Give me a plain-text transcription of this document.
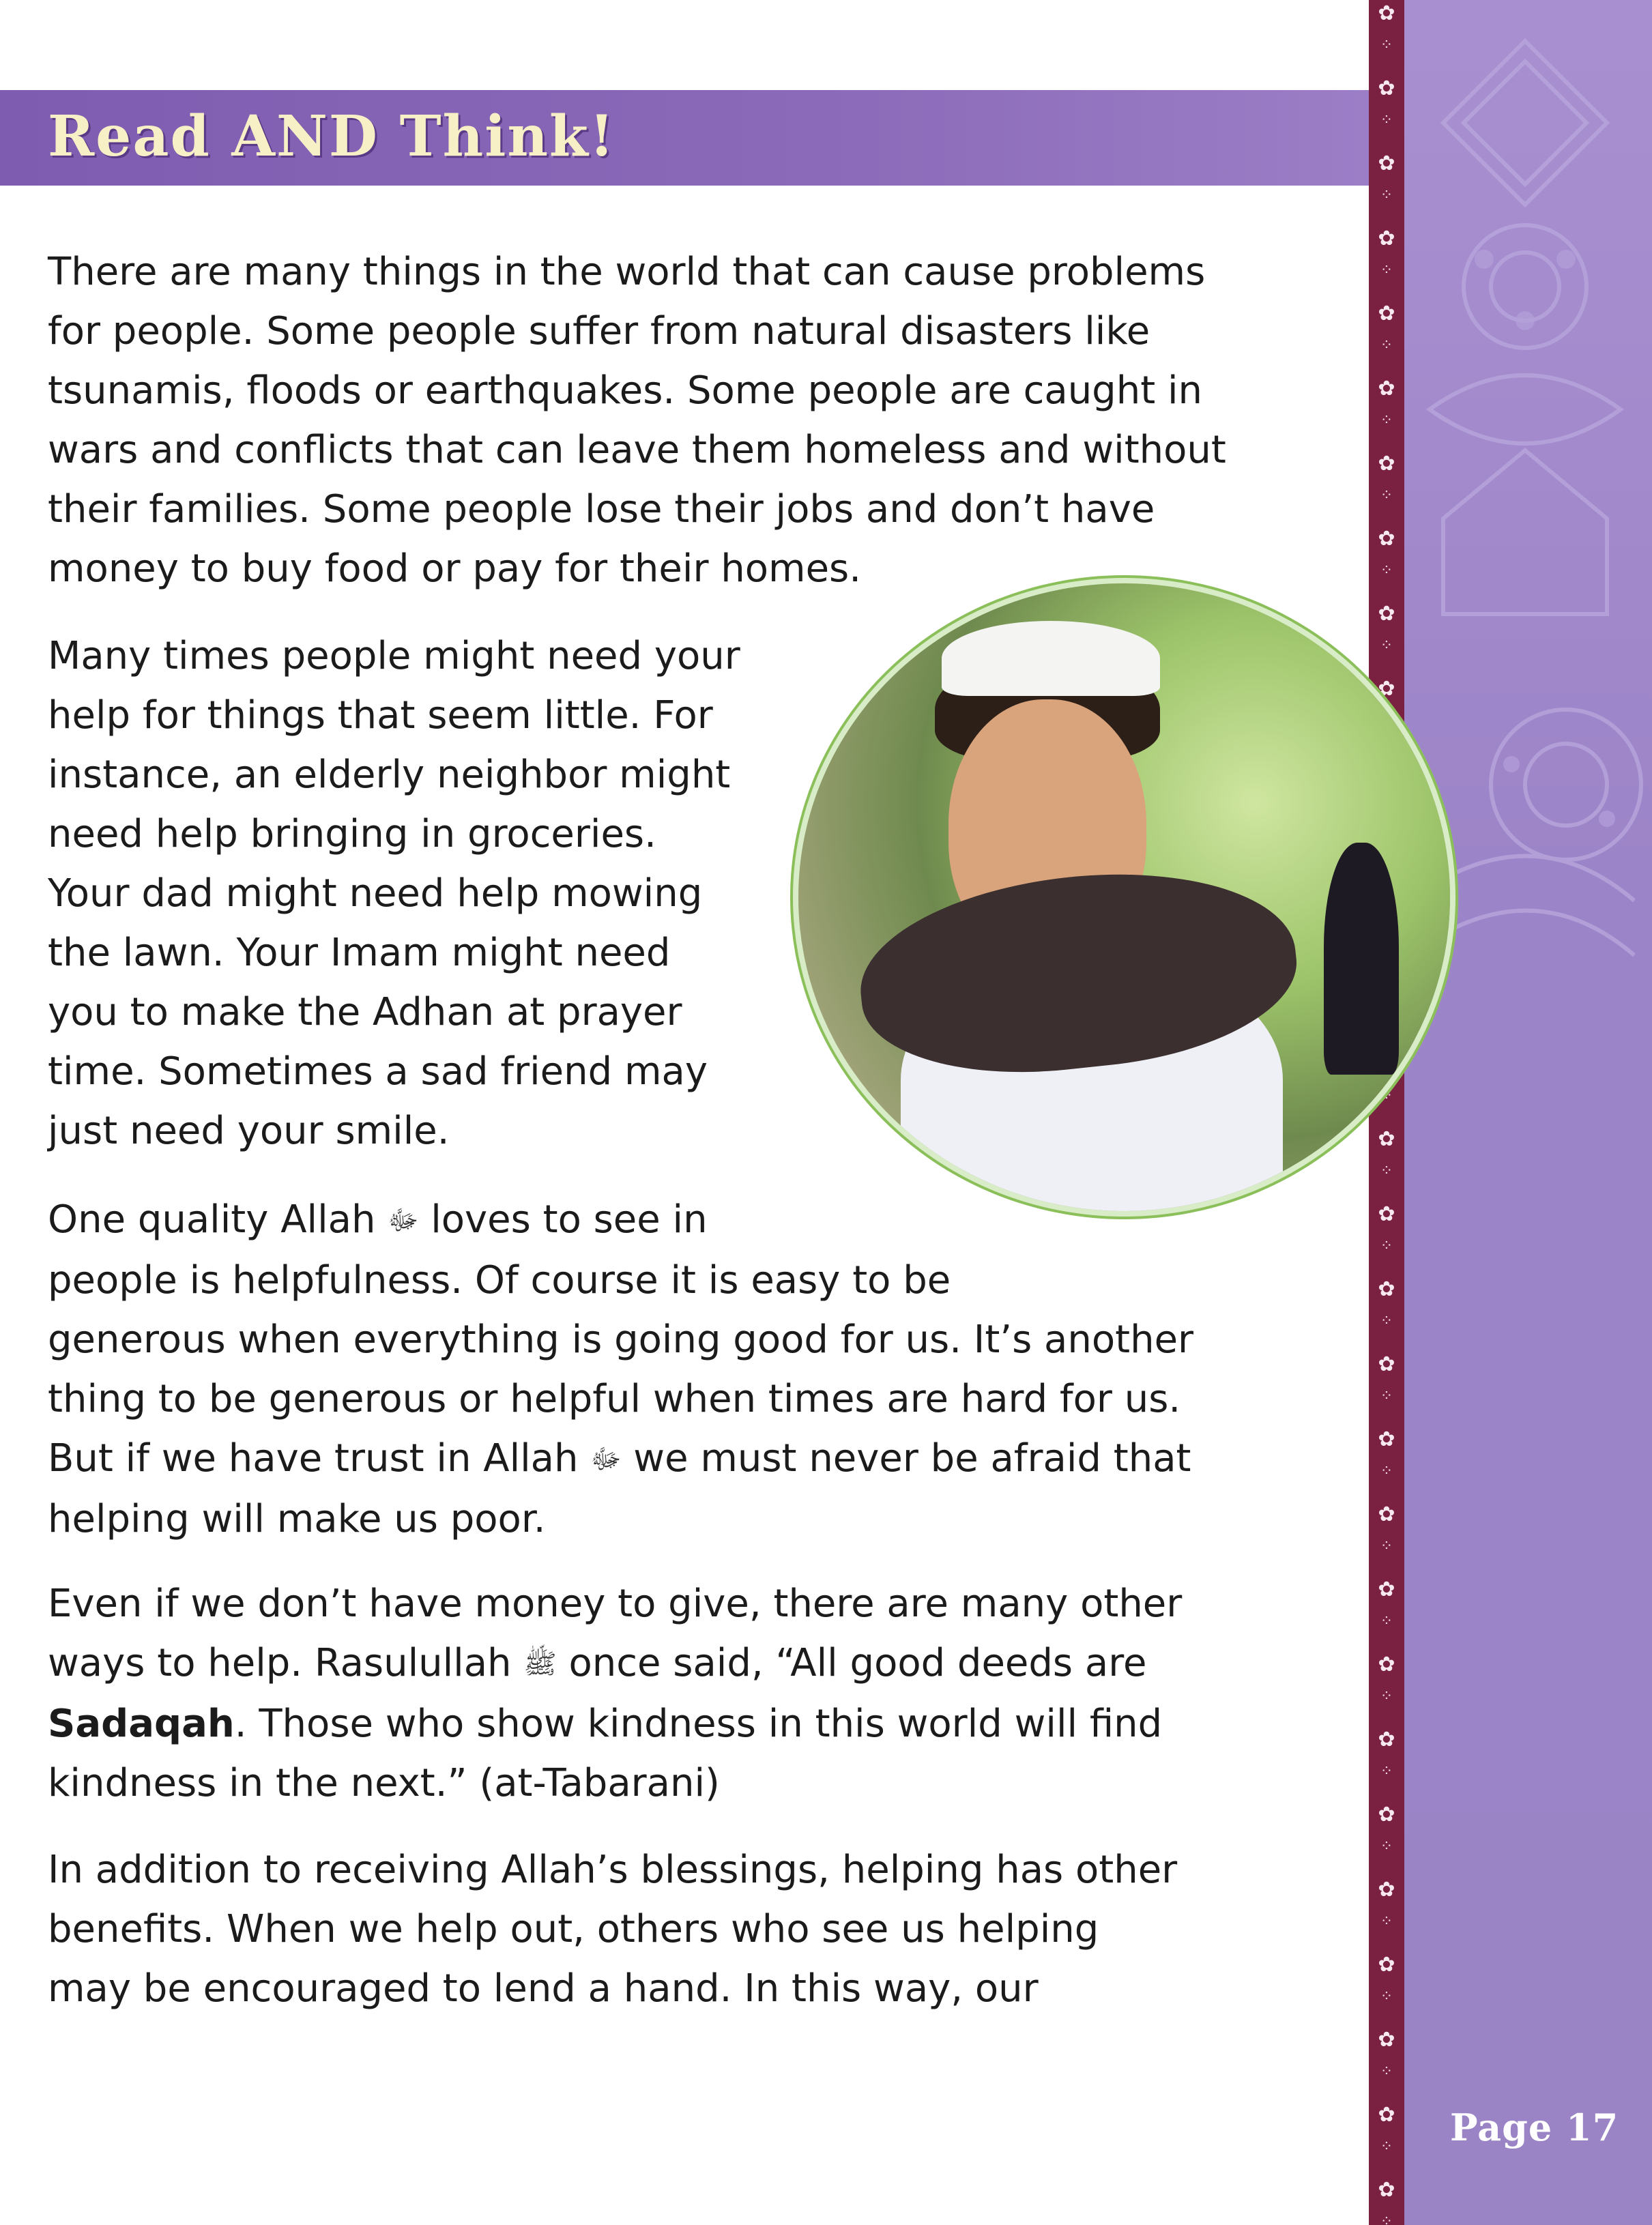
✿
⁘
✿
⁘
✿
⁘
✿
⁘
✿
⁘
✿
⁘
✿
⁘
✿
⁘
✿
⁘
✿
⁘
✿
⁘
✿
⁘
✿
⁘
✿
⁘
✿
⁘
✿
⁘
✿
⁘
✿
⁘
✿
⁘
✿
⁘
✿
⁘
✿
⁘
✿
⁘
✿
⁘
✿
⁘
Read AND Think!

There are many things in the world that can cause problems
for people. Some people suffer from natural disasters like
tsunamis, floods or earthquakes. Some people are caught in
wars and conflicts that can leave them homeless and without
their families. Some people lose their jobs and don’t have
money to buy food or pay for their homes.

Many times people might need your
help for things that seem little. For
instance, an elderly neighbor might
need help bringing in groceries.
Your dad might need help mowing
the lawn. Your Imam might need
you to make the Adhan at prayer
time. Sometimes a sad friend may
just need your smile.

One quality Allah ﷻ loves to see in
people is helpfulness. Of course it is easy to be
generous when everything is going good for us. It’s another
thing to be generous or helpful when times are hard for us.
But if we have trust in Allah ﷻ we must never be afraid that
helping will make us poor.

Even if we don’t have money to give, there are many other
ways to help. Rasulullah ﷺ once said, “All good deeds are
Sadaqah. Those who show kindness in this world will find
kindness in the next.” (at-Tabarani)

In addition to receiving Allah’s blessings, helping has other
benefits. When we help out, others who see us helping
may be encouraged to lend a hand. In this way, our

Page 17
